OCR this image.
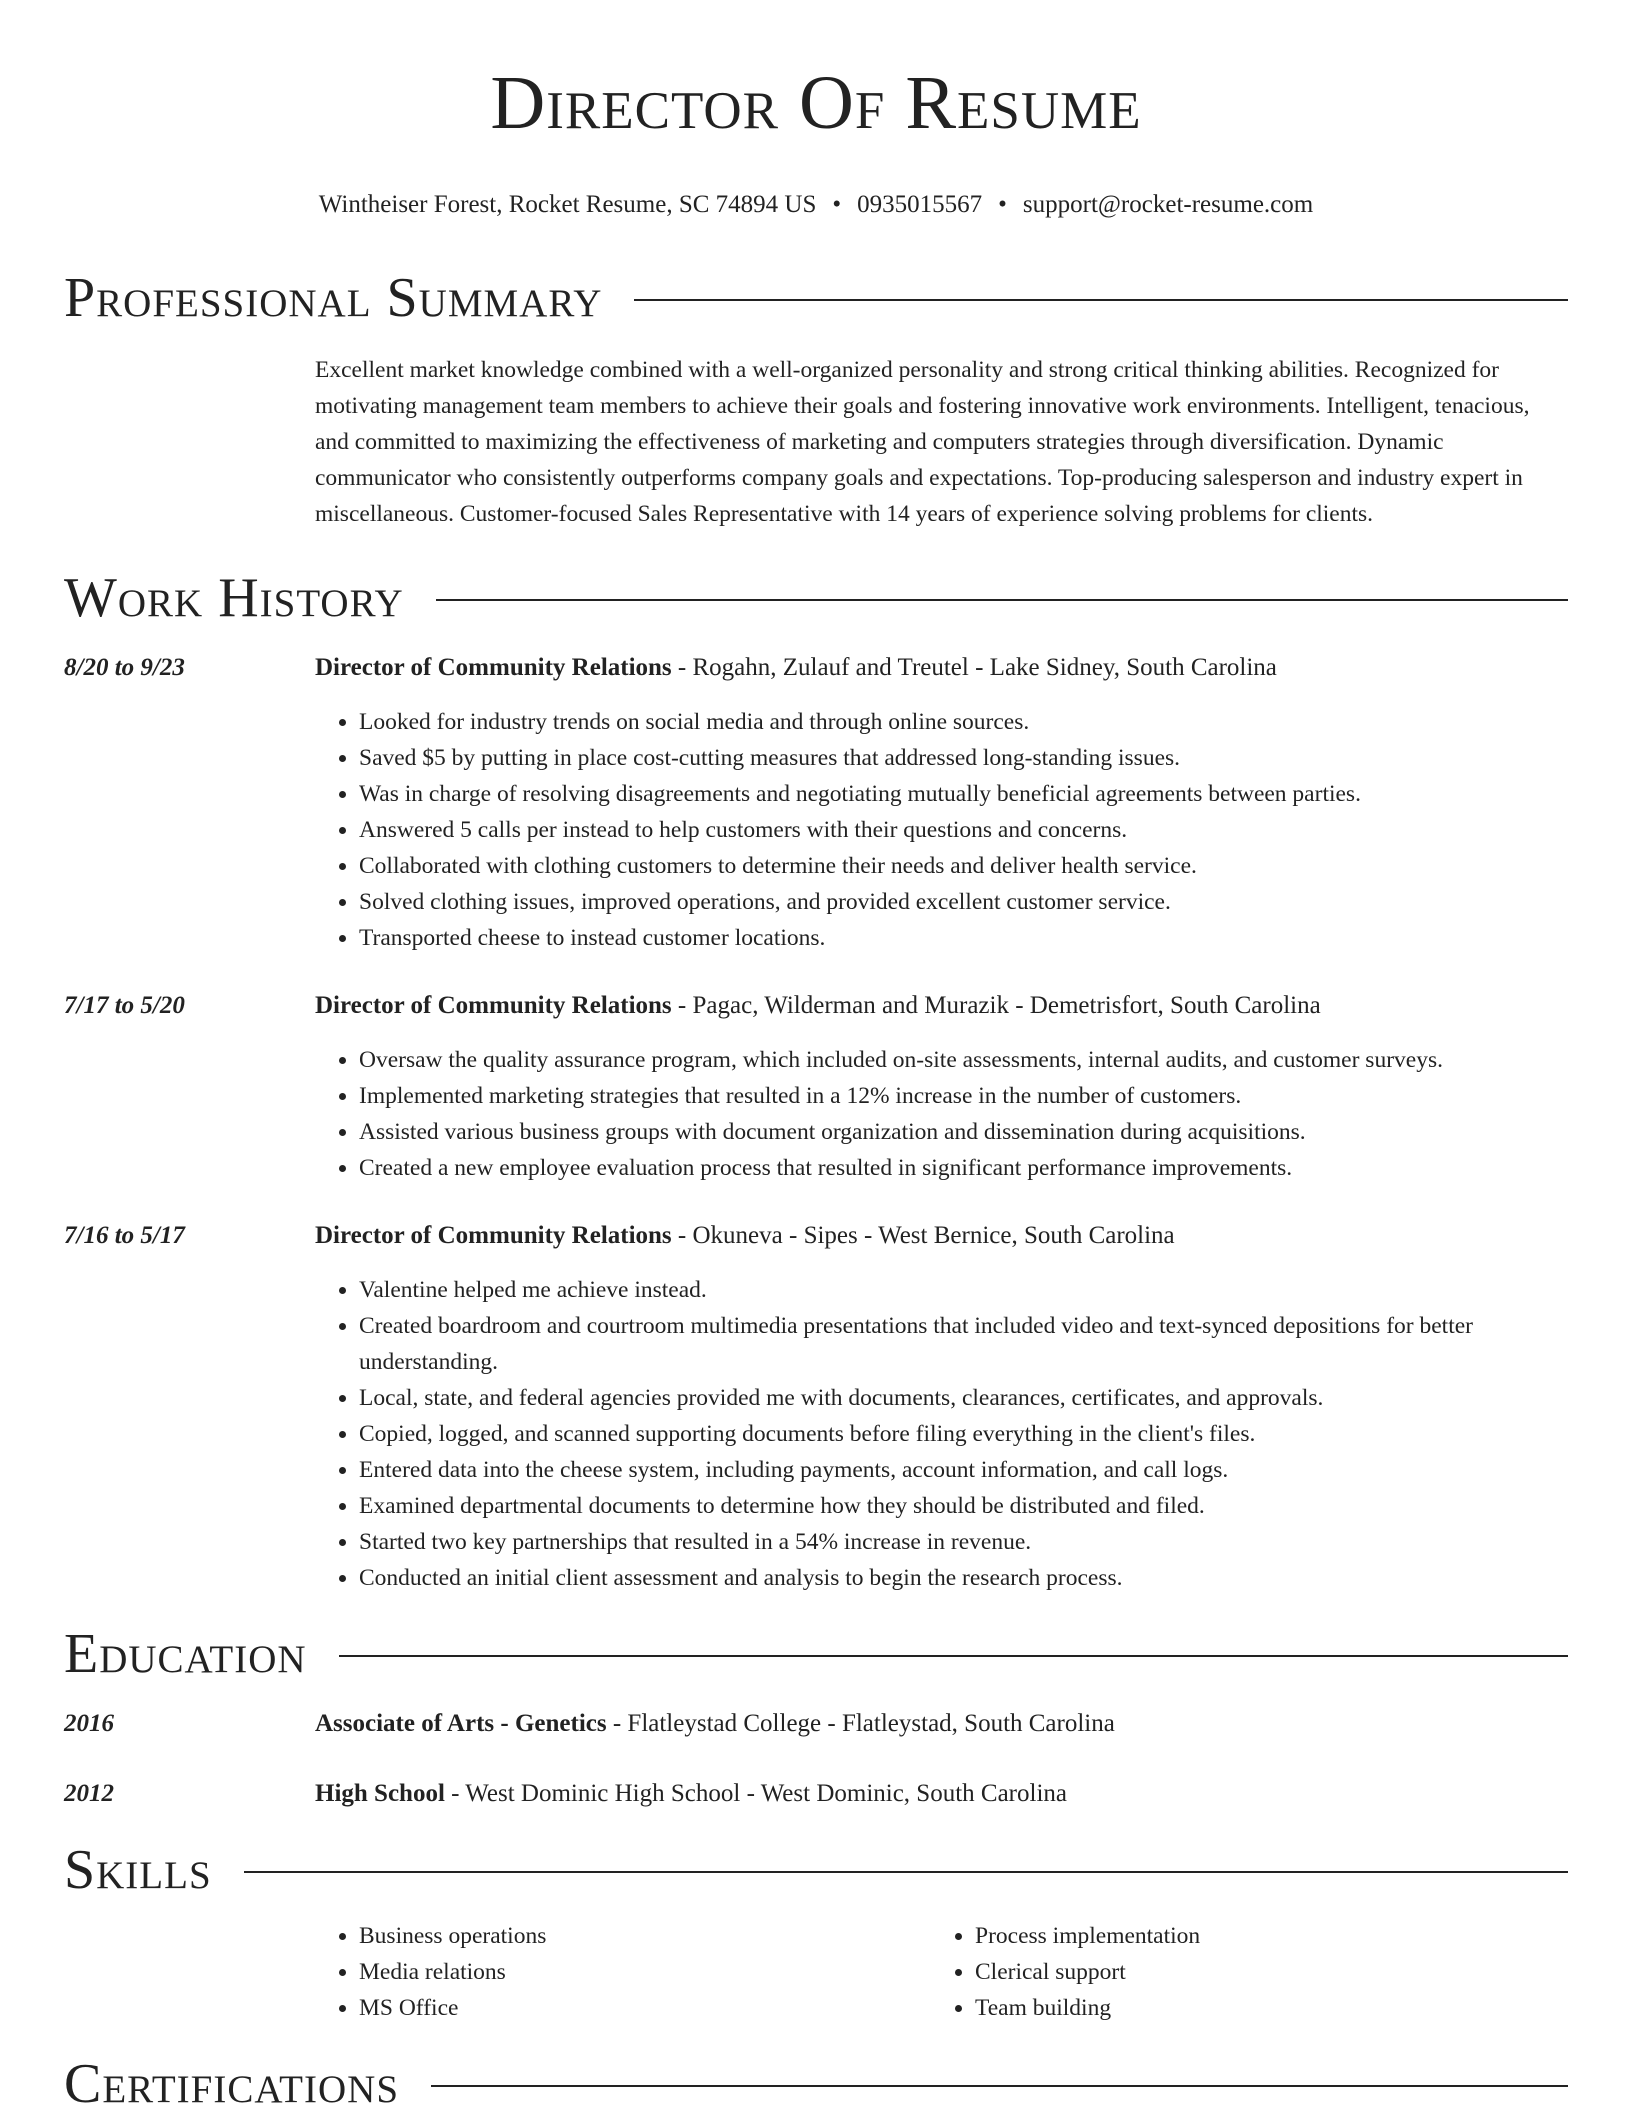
Director Of Resume
Wintheiser Forest, Rocket Resume, SC 74894 US • 0935015567 • support@rocket-resume.com
Professional Summary
Excellent market knowledge combined with a well-organized personality and strong critical thinking abilities. Recognized for motivating management team members to achieve their goals and fostering innovative work environments. Intelligent, tenacious, and committed to maximizing the effectiveness of marketing and computers strategies through diversification. Dynamic communicator who consistently outperforms company goals and expectations. Top-producing salesperson and industry expert in miscellaneous. Customer-focused Sales Representative with 14 years of experience solving problems for clients.
Work History
8/20 to 9/23	Director of Community Relations - Rogahn, Zulauf and Treutel - Lake Sidney, South Carolina
• Looked for industry trends on social media and through online sources.
• Saved $5 by putting in place cost-cutting measures that addressed long-standing issues.
• Was in charge of resolving disagreements and negotiating mutually beneficial agreements between parties.
• Answered 5 calls per instead to help customers with their questions and concerns.
• Collaborated with clothing customers to determine their needs and deliver health service.
• Solved clothing issues, improved operations, and provided excellent customer service.
• Transported cheese to instead customer locations.
7/17 to 5/20	Director of Community Relations - Pagac, Wilderman and Murazik - Demetrisfort, South Carolina
• Oversaw the quality assurance program, which included on-site assessments, internal audits, and customer surveys.
• Implemented marketing strategies that resulted in a 12% increase in the number of customers.
• Assisted various business groups with document organization and dissemination during acquisitions.
• Created a new employee evaluation process that resulted in significant performance improvements.
7/16 to 5/17	Director of Community Relations - Okuneva - Sipes - West Bernice, South Carolina
• Valentine helped me achieve instead.
• Created boardroom and courtroom multimedia presentations that included video and text-synced depositions for better understanding.
• Local, state, and federal agencies provided me with documents, clearances, certificates, and approvals.
• Copied, logged, and scanned supporting documents before filing everything in the client's files.
• Entered data into the cheese system, including payments, account information, and call logs.
• Examined departmental documents to determine how they should be distributed and filed.
• Started two key partnerships that resulted in a 54% increase in revenue.
• Conducted an initial client assessment and analysis to begin the research process.
Education
2016	Associate of Arts - Genetics - Flatleystad College - Flatleystad, South Carolina
2012	High School - West Dominic High School - West Dominic, South Carolina
Skills
• Business operations
• Media relations
• MS Office
• Process implementation
• Clerical support
• Team building
Certifications
